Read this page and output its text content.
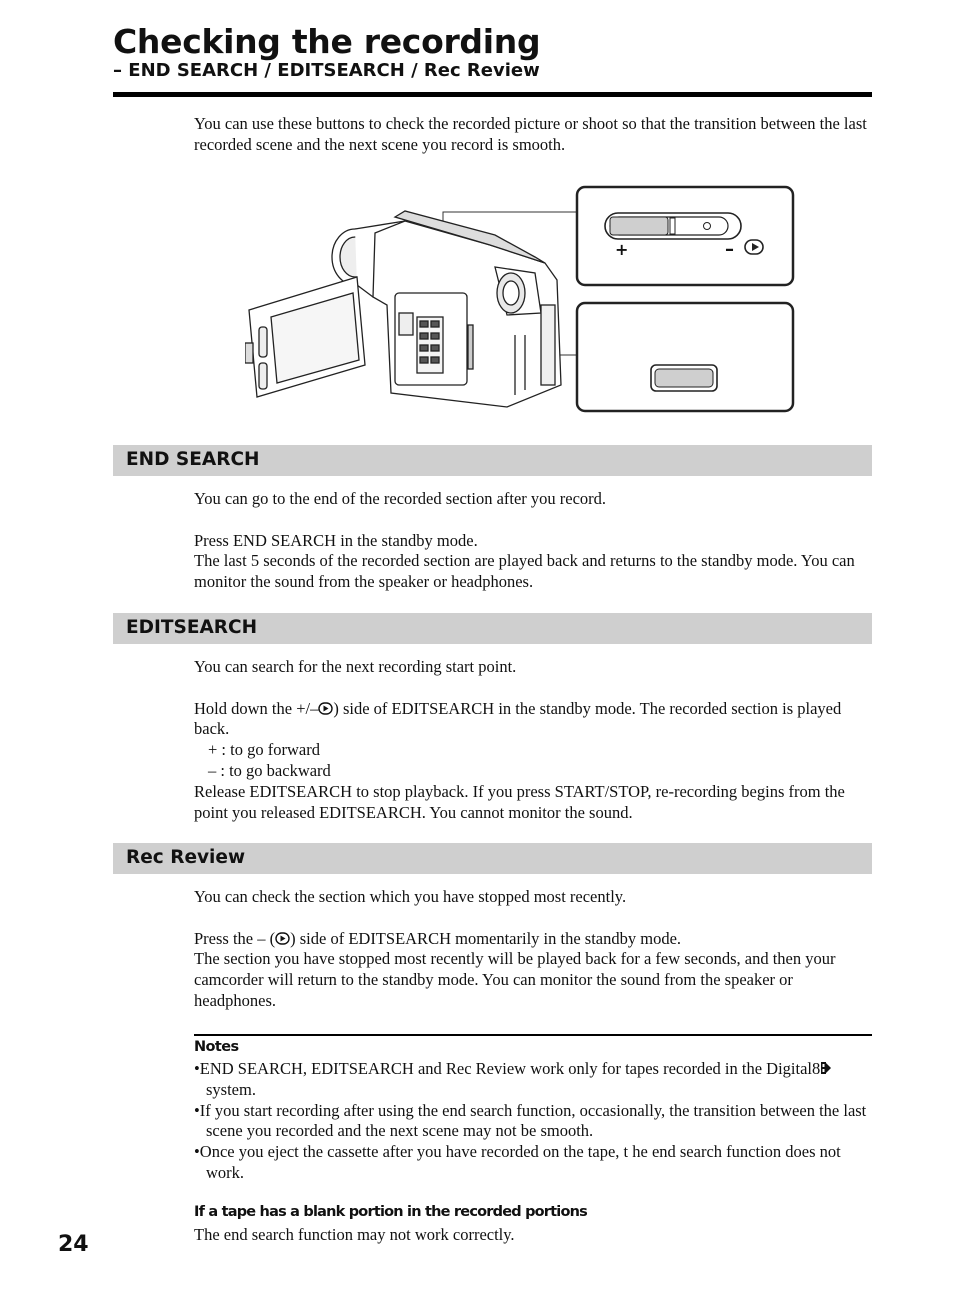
Checking the recording
– END SEARCH / EDITSEARCH / Rec Review

You can use these buttons to check the recorded picture or shoot so that the transition between the last recorded scene and the next scene you record is smooth.

+	–
END SEARCH

You can go to the end of the recorded section after you record.

Press END SEARCH in the standby mode.

The last 5 seconds of the recorded section are played back and returns to the standby mode. You can monitor the sound from the speaker or headphones.

EDITSEARCH

You can search for the next recording start point.

Hold down the +/– ) side of EDITSEARCH in the standby mode. The recorded section is played back.

+ : to go forward

– : to go backward

Release EDITSEARCH to stop playback. If you press START/STOP, re-recording begins from the point you released EDITSEARCH. You cannot monitor the sound.

Rec Review

You can check the section which you have stopped most recently.

Press the – ( ) side of EDITSEARCH momentarily in the standby mode.

The section you have stopped most recently will be played back for a few seconds, and then your camcorder will return to the standby mode. You can monitor the sound from the speaker or headphones.

Notes

•END SEARCH, EDITSEARCH and Rec Review work only for tapes recorded in the Digital8 system.

•If you start recording after using the end search function, occasionally, the transition between the last scene you recorded and the next scene may not be smooth.

•Once you eject the cassette after you have recorded on the tape, t he end search function does not work.

If a tape has a blank portion in the recorded portions

The end search function may not work correctly.

24
